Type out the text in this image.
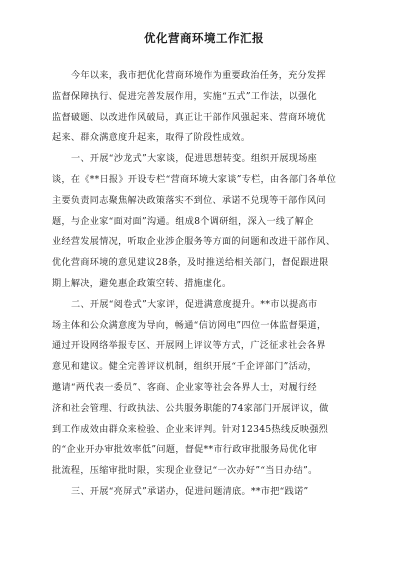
优化营商环境工作汇报
今年以来，我市把优化营商环境作为重要政治任务，充分发挥
监督保障执行、促进完善发展作用，实施“五式”工作法，以强化
监督破题、以改进作风破局，真正让干部作风强起来、营商环境优
起来、群众满意度升起来，取得了阶段性成效。
一、开展“沙龙式”大家谈，促进思想转变。组织开展现场座
谈，在《**日报》开设专栏“营商环境大家谈”专栏，由各部门各单位
主要负责同志聚焦解决政策落实不到位、承诺不兑现等干部作风问
题，与企业家“面对面”沟通。组成8个调研组，深入一线了解企
业经营发展情况，听取企业涉企服务等方面的问题和改进干部作风、
优化营商环境的意见建议28条，及时推送给相关部门，督促跟进限
期上解决，避免惠企政策空转、措施虚化。
二、开展“阅卷式”大家评，促进满意度提升。**市以提高市
场主体和公众满意度为导向，畅通“信访网电”四位一体监督渠道，
通过开设网络举报专区、开展网上评议等方式，广泛征求社会各界
意见和建议。健全完善评议机制，组织开展“千企评部门”活动，
邀请“两代表一委员”、客商、企业家等社会各界人士，对履行经
济和社会管理、行政执法、公共服务职能的74家部门开展评议，做
到工作成效由群众来检验、企业来评判。针对12345热线反映强烈
的“企业开办审批效率低”问题，督促**市行政审批服务局优化审
批流程，压缩审批时限，实现企业登记“一次办好”“当日办结”。
三、开展“亮屏式”承诺办，促进问题清底。**市把“践诺”
